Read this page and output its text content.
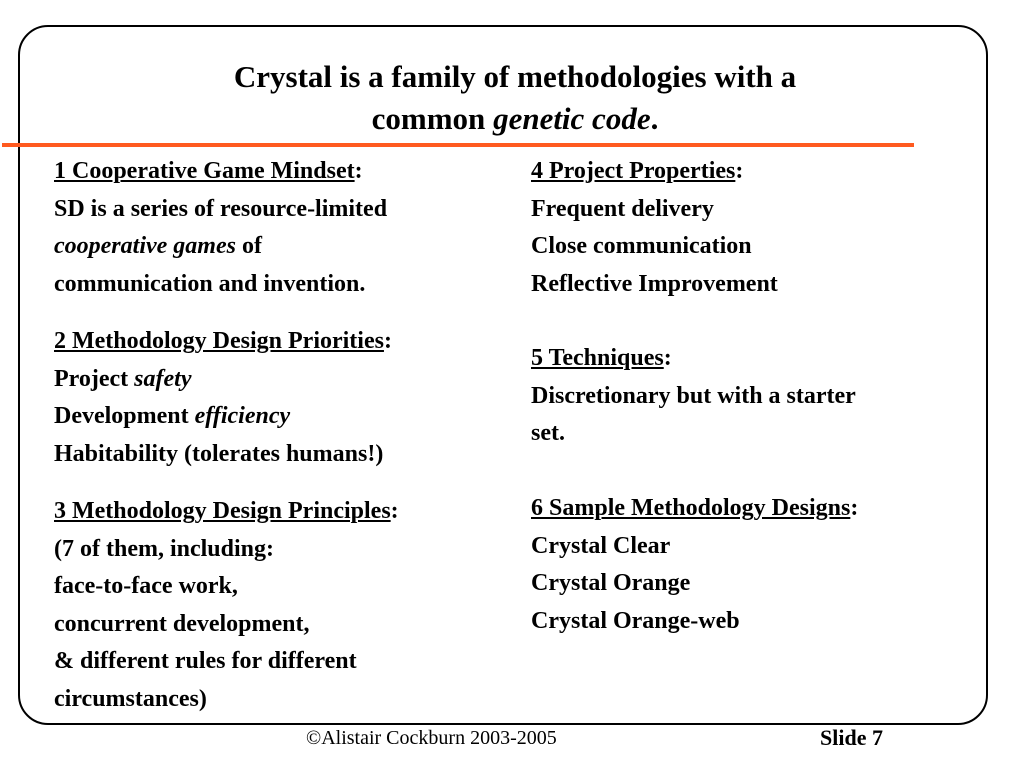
Crystal is a family of methodologies with a
common genetic code.
1 Cooperative Game Mindset:
SD is a series of resource-limited
cooperative games of
communication and invention.
2 Methodology Design Priorities:
Project safety
Development efficiency
Habitability (tolerates humans!)
3 Methodology Design Principles:
(7 of them, including:
face-to-face work,
concurrent development,
& different rules for different
circumstances)
4 Project Properties:
Frequent delivery
Close communication
Reflective Improvement
5 Techniques:
Discretionary but with a starter
set.
6 Sample Methodology Designs:
Crystal Clear
Crystal Orange
Crystal Orange-web
©Alistair Cockburn 2003-2005	Slide 7
